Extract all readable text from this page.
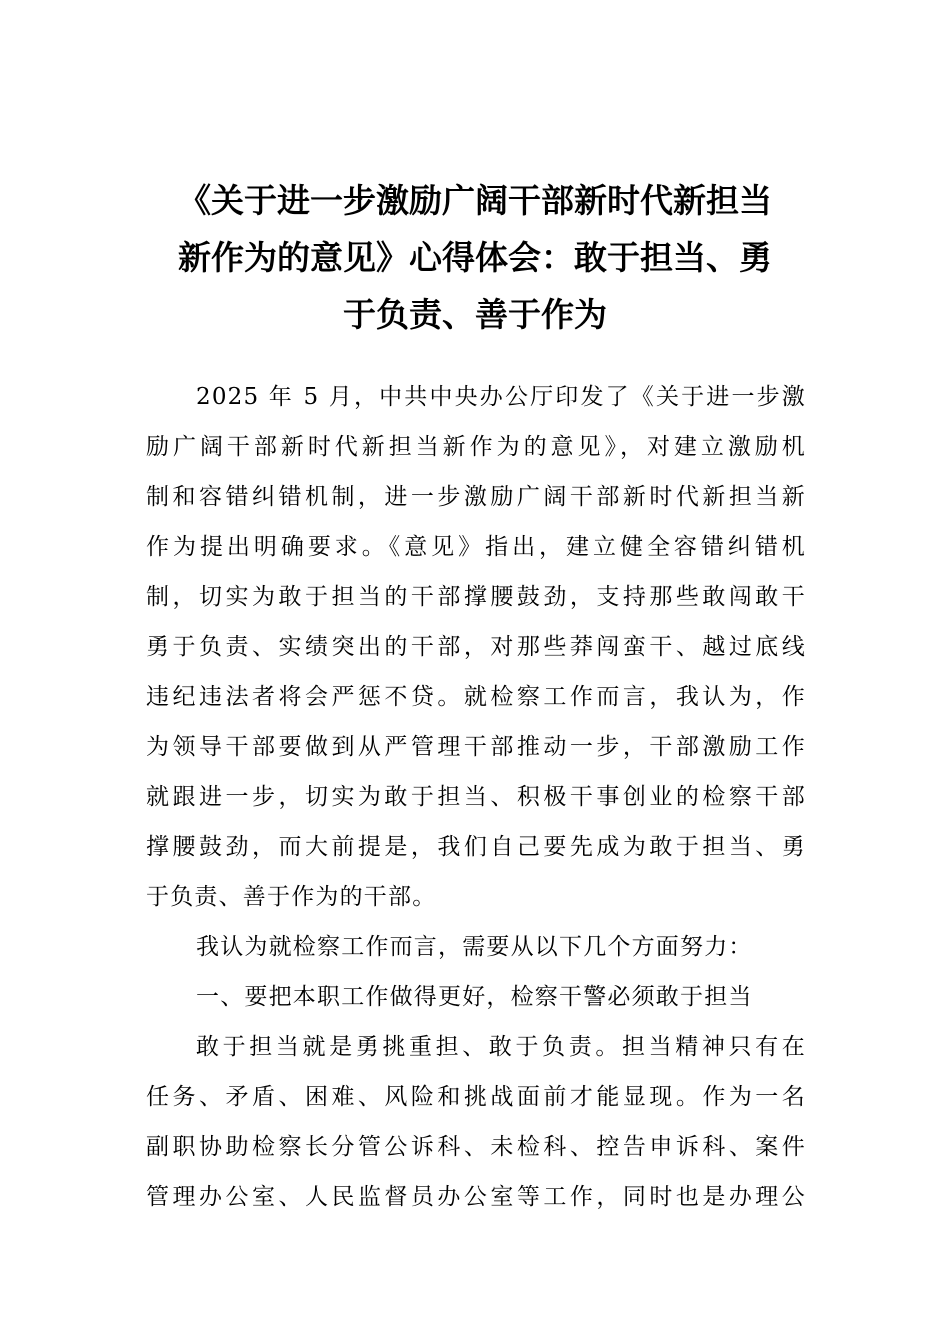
《关于进一步激励广阔干部新时代新担当
新作为的意见》心得体会：敢于担当、勇
于负责、善于作为
2025 年 5 月，中共中央办公厅印发了《关于进一步激
励广阔干部新时代新担当新作为的意见》，对建立激励机
制和容错纠错机制，进一步激励广阔干部新时代新担当新
作为提出明确要求。《意见》指出，建立健全容错纠错机
制，切实为敢于担当的干部撑腰鼓劲，支持那些敢闯敢干
勇于负责、实绩突出的干部，对那些莽闯蛮干、越过底线
违纪违法者将会严惩不贷。就检察工作而言，我认为，作
为领导干部要做到从严管理干部推动一步，干部激励工作
就跟进一步，切实为敢于担当、积极干事创业的检察干部
撑腰鼓劲，而大前提是，我们自己要先成为敢于担当、勇
于负责、善于作为的干部。
我认为就检察工作而言，需要从以下几个方面努力：
一、要把本职工作做得更好，检察干警必须敢于担当
敢于担当就是勇挑重担、敢于负责。担当精神只有在
任务、矛盾、困难、风险和挑战面前才能显现。作为一名
副职协助检察长分管公诉科、未检科、控告申诉科、案件
管理办公室、人民监督员办公室等工作，同时也是办理公
